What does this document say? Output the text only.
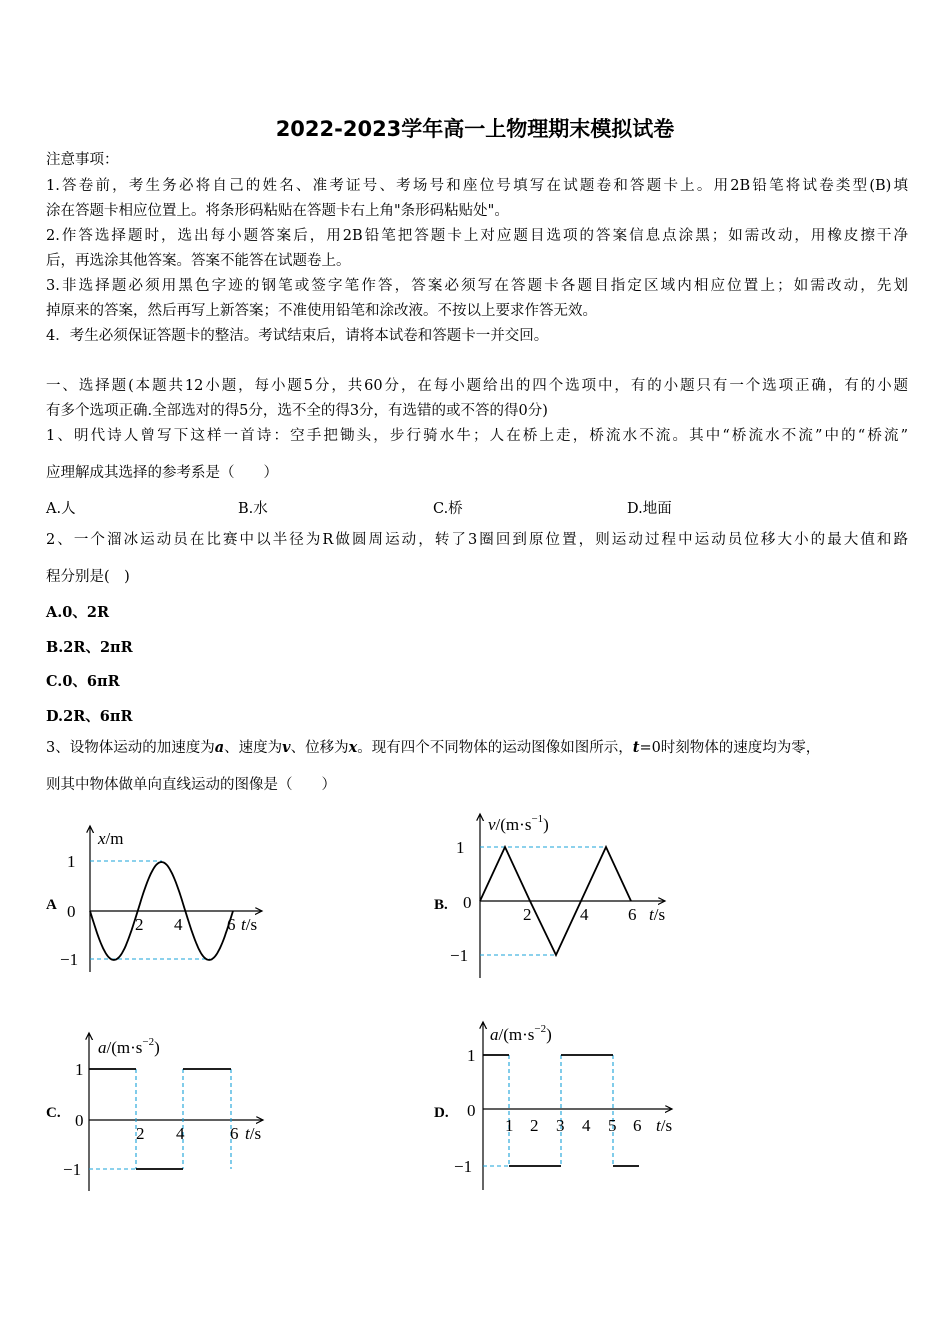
2022-2023学年高一上物理期末模拟试卷
注意事项：
1.答卷前，考生务必将自己的姓名、准考证号、考场号和座位号填写在试题卷和答题卡上。用2B铅笔将试卷类型(B)填
涂在答题卡相应位置上。将条形码粘贴在答题卡右上角"条形码粘贴处"。
2.作答选择题时，选出每小题答案后，用2B铅笔把答题卡上对应题目选项的答案信息点涂黑；如需改动，用橡皮擦干净
后，再选涂其他答案。答案不能答在试题卷上。
3.非选择题必须用黑色字迹的钢笔或签字笔作答，答案必须写在答题卡各题目指定区域内相应位置上；如需改动，先划
掉原来的答案，然后再写上新答案；不准使用铅笔和涂改液。不按以上要求作答无效。
4．考生必须保证答题卡的整洁。考试结束后，请将本试卷和答题卡一并交回。
一、选择题(本题共12小题，每小题5分，共60分，在每小题给出的四个选项中，有的小题只有一个选项正确，有的小题
有多个选项正确.全部选对的得5分，选不全的得3分，有选错的或不答的得0分)
1、明代诗人曾写下这样一首诗：空手把锄头，步行骑水牛；人在桥上走，桥流水不流。其中“桥流水不流”中的“桥流”
应理解成其选择的参考系是（　　）
A.人	B.水	C.桥	D.地面
2、一个溜冰运动员在比赛中以半径为R做圆周运动，转了3圈回到原位置，则运动过程中运动员位移大小的最大值和路
程分别是(　)
A.0、2R
B.2R、2πR
C.0、6πR
D.2R、6πR
3、设物体运动的加速度为a、速度为v、位移为x。现有四个不同物体的运动图像如图所示，t=0时刻物体的速度均为零，
则其中物体做单向直线运动的图像是（　　）
A	B.
C.	D.
x/m
1
0
−1
2 4	6 t/s
$v/(m\cdot s^{-1})$
1
0
−1
2	4 6 t/s
$a/(m\cdot s^{-2})$
1
0
−1
2 4	6 t/s
$a/(m\cdot s^{-2})$
1
0
−1
1 2 3 4 5 6 t/s
